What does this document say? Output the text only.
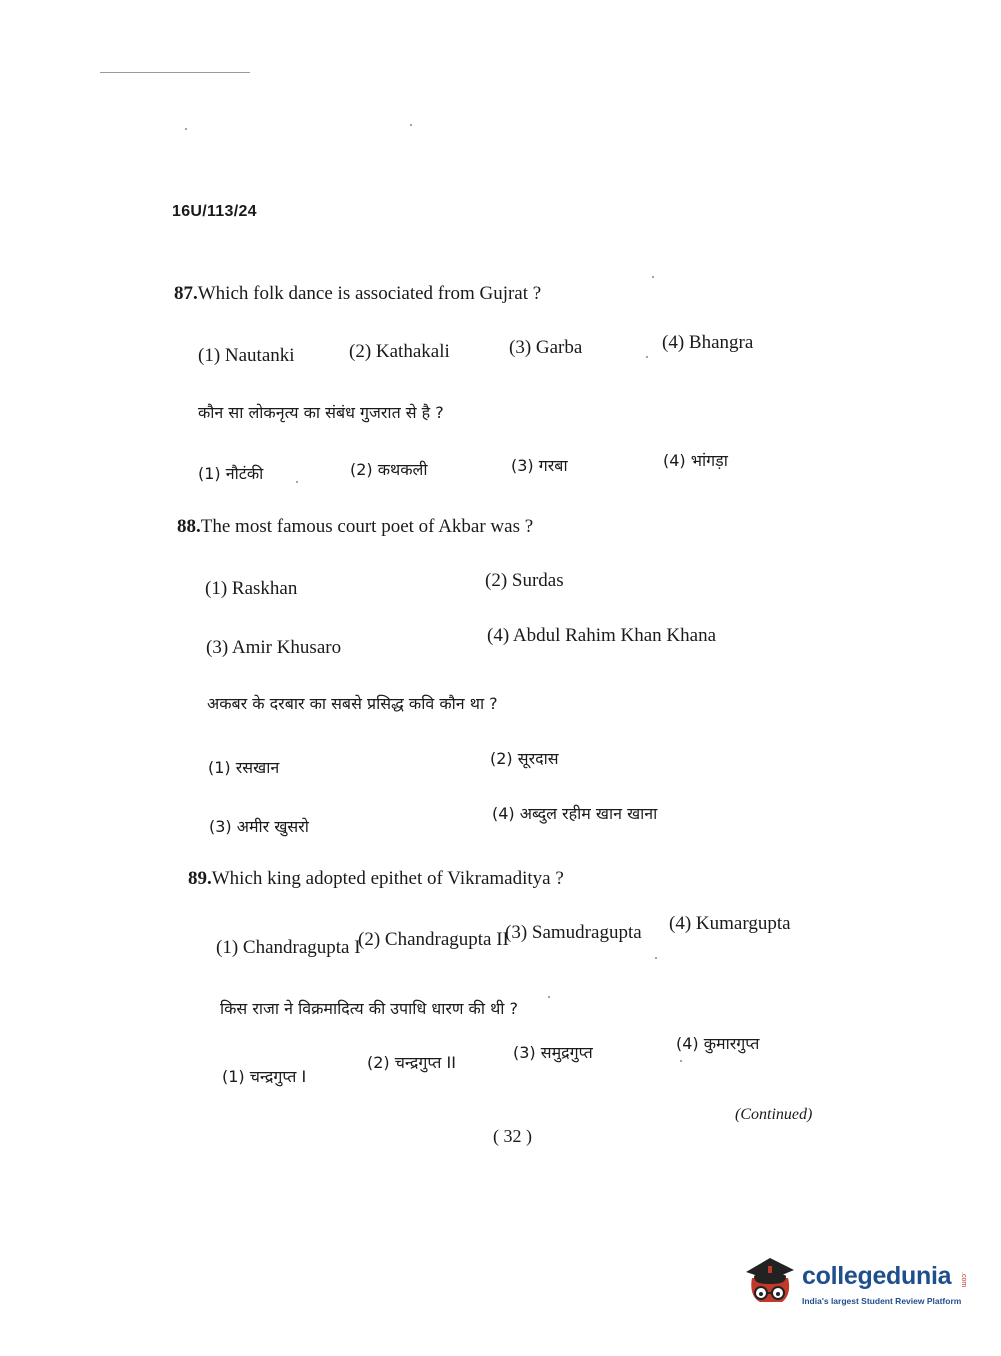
16U/113/24
87.Which folk dance is associated from Gujrat ?
(1) Nautanki	(2) Kathakali	(3) Garba	(4) Bhangra
कौन सा लोकनृत्य का संबंध गुजरात से है ?
(1) नौटंकी	(2) कथकली	(3) गरबा	(4) भांगड़ा
88.The most famous court poet of Akbar was ?
(1) Raskhan	(2) Surdas
(3) Amir Khusaro
(4) Abdul Rahim Khan Khana
अकबर के दरबार का सबसे प्रसिद्ध कवि कौन था ?
(1) रसखान	(2) सूरदास
(3) अमीर खुसरो
(4) अब्दुल रहीम खान खाना
89.Which king adopted epithet of Vikramaditya ?
(1) Chandragupta I
(2) Chandragupta II
(3) Samudragupta (4) Kumargupta
किस राजा ने विक्रमादित्य की उपाधि धारण की थी ?
(1) चन्द्रगुप्त I
(2) चन्द्रगुप्त II
(3) समुद्रगुप्त	(4) कुमारगुप्त
(Continued)
( 32 )
collegedunia .com
India's largest Student Review Platform
